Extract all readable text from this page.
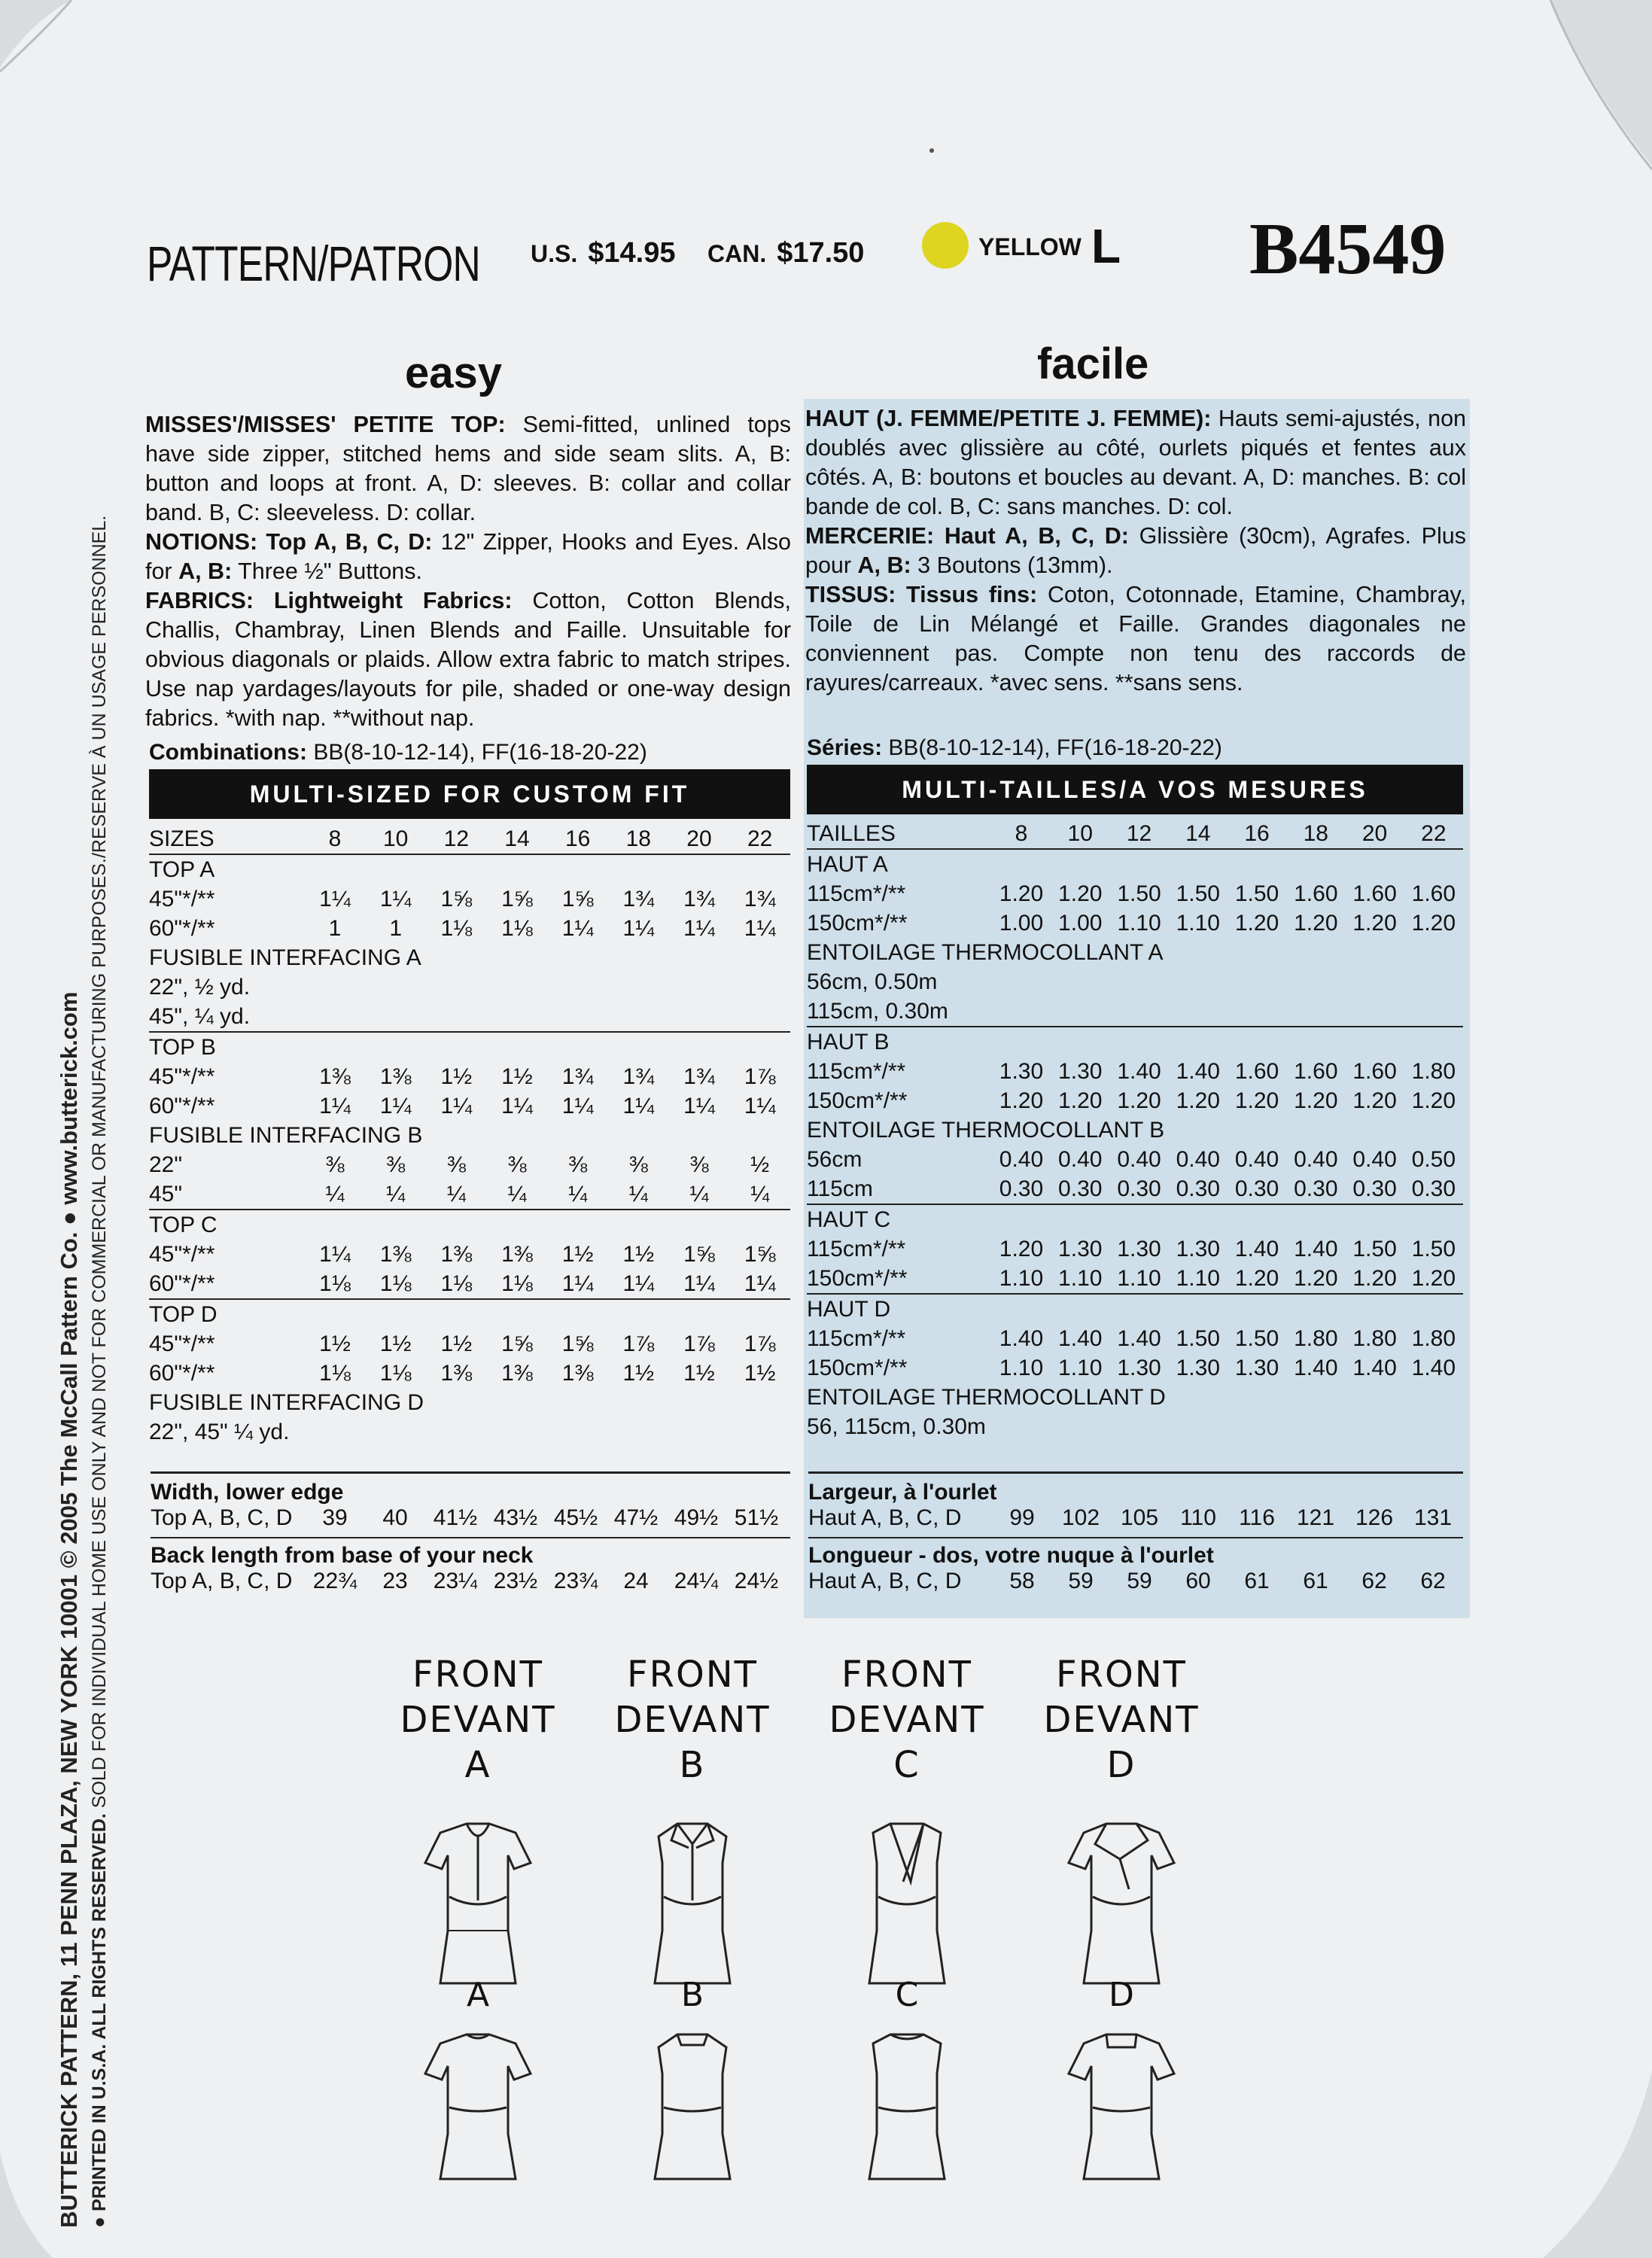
BUTTERICK PATTERN, 11 PENN PLAZA, NEW YORK 10001 © 2005 The McCall Pattern Co. ● www.butterick.com ● PRINTED IN U.S.A. ALL RIGHTS RESERVED. SOLD FOR INDIVIDUAL HOME USE ONLY AND NOT FOR COMMERCIAL OR MANUFACTURING PURPOSES./RESERVE À UN USAGE PERSONNEL.
PATTERN/PATRON U.S. $14.95 CAN. $17.50	YELLOW L B4549
easy
MISSES'/MISSES' PETITE TOP: Semi-fitted, unlined tops have side zipper, stitched hems and side seam slits. A, B: button and loops at front. A, D: sleeves. B: collar and collar band. B, C: sleeveless. D: collar.
NOTIONS: Top A, B, C, D: 12" Zipper, Hooks and Eyes. Also for A, B: Three ½" Buttons.
FABRICS: Lightweight Fabrics: Cotton, Cotton Blends, Challis, Chambray, Linen Blends and Faille. Unsuitable for obvious diagonals or plaids. Allow extra fabric to match stripes. Use nap yardages/layouts for pile, shaded or one-way design fabrics. *with nap. **without nap.
Combinations: BB(8-10-12-14), FF(16-18-20-22)
MULTI-SIZED FOR CUSTOM FIT
SIZES	8	10	12	14	16	18	20	22
TOP A								
45"*/**	1¼	1¼	1⅝	1⅝	1⅝	1¾	1¾	1¾
60"*/**	1	1	1⅛	1⅛	1¼	1¼	1¼	1¼
FUSIBLE INTERFACING A								
22", ½ yd.								
45", ¼ yd.								
TOP B								
45"*/**	1⅜	1⅜	1½	1½	1¾	1¾	1¾	1⅞
60"*/**	1¼	1¼	1¼	1¼	1¼	1¼	1¼	1¼
FUSIBLE INTERFACING B								
22"	⅜	⅜	⅜	⅜	⅜	⅜	⅜	½
45"	¼	¼	¼	¼	¼	¼	¼	¼
TOP C								
45"*/**	1¼	1⅜	1⅜	1⅜	1½	1½	1⅝	1⅝
60"*/**	1⅛	1⅛	1⅛	1⅛	1¼	1¼	1¼	1¼
TOP D								
45"*/**	1½	1½	1½	1⅝	1⅝	1⅞	1⅞	1⅞
60"*/**	1⅛	1⅛	1⅜	1⅜	1⅜	1½	1½	1½
FUSIBLE INTERFACING D								
22", 45" ¼ yd.								
Width, lower edge
Top A, B, C, D	39	40	41½ 43½ 45½ 47½ 49½ 51½
Back length from base of your neck
Top A, B, C, D 22¾	23	23¼ 23½ 23¾	24	24¼ 24½
facile
HAUT (J. FEMME/PETITE J. FEMME): Hauts semi-ajustés, non doublés avec glissière au côté, ourlets piqués et fentes aux côtés. A, B: boutons et boucles au devant. A, D: manches. B: col bande de col. B, C: sans manches. D: col.
MERCERIE: Haut A, B, C, D: Glissière (30cm), Agrafes. Plus pour A, B: 3 Boutons (13mm).
TISSUS: Tissus fins: Coton, Cotonnade, Etamine, Chambray, Toile de Lin Mélangé et Faille. Grandes diagonales ne conviennent pas. Compte non tenu des raccords de rayures/carreaux. *avec sens. **sans sens.
Séries: BB(8-10-12-14), FF(16-18-20-22)
MULTI-TAILLES/A VOS MESURES
TAILLES	8	10	12	14	16	18	20	22
HAUT A								
115cm*/**	1.20	1.20	1.50	1.50	1.50	1.60	1.60	1.60
150cm*/**	1.00	1.00	1.10	1.10	1.20	1.20	1.20	1.20
ENTOILAGE THERMOCOLLANT A								
56cm, 0.50m								
115cm, 0.30m								
HAUT B								
115cm*/**	1.30	1.30	1.40	1.40	1.60	1.60	1.60	1.80
150cm*/**	1.20	1.20	1.20	1.20	1.20	1.20	1.20	1.20
ENTOILAGE THERMOCOLLANT B								
56cm	0.40	0.40	0.40	0.40	0.40	0.40	0.40	0.50
115cm	0.30	0.30	0.30	0.30	0.30	0.30	0.30	0.30
HAUT C								
115cm*/**	1.20	1.30	1.30	1.30	1.40	1.40	1.50	1.50
150cm*/**	1.10	1.10	1.10	1.10	1.20	1.20	1.20	1.20
HAUT D								
115cm*/**	1.40	1.40	1.40	1.50	1.50	1.80	1.80	1.80
150cm*/**	1.10	1.10	1.30	1.30	1.30	1.40	1.40	1.40
ENTOILAGE THERMOCOLLANT D								
56, 115cm, 0.30m								
Largeur, à l'ourlet
Haut A, B, C, D	99	102 105 110	116 121 126 131
Longueur - dos, votre nuque à l'ourlet
Haut A, B, C, D	58	59	59	60	61	61	62	62
FRONT
DEVANT
A
A
FRONT
DEVANT
B
B
FRONT
DEVANT
C
C
FRONT
DEVANT
D
D
